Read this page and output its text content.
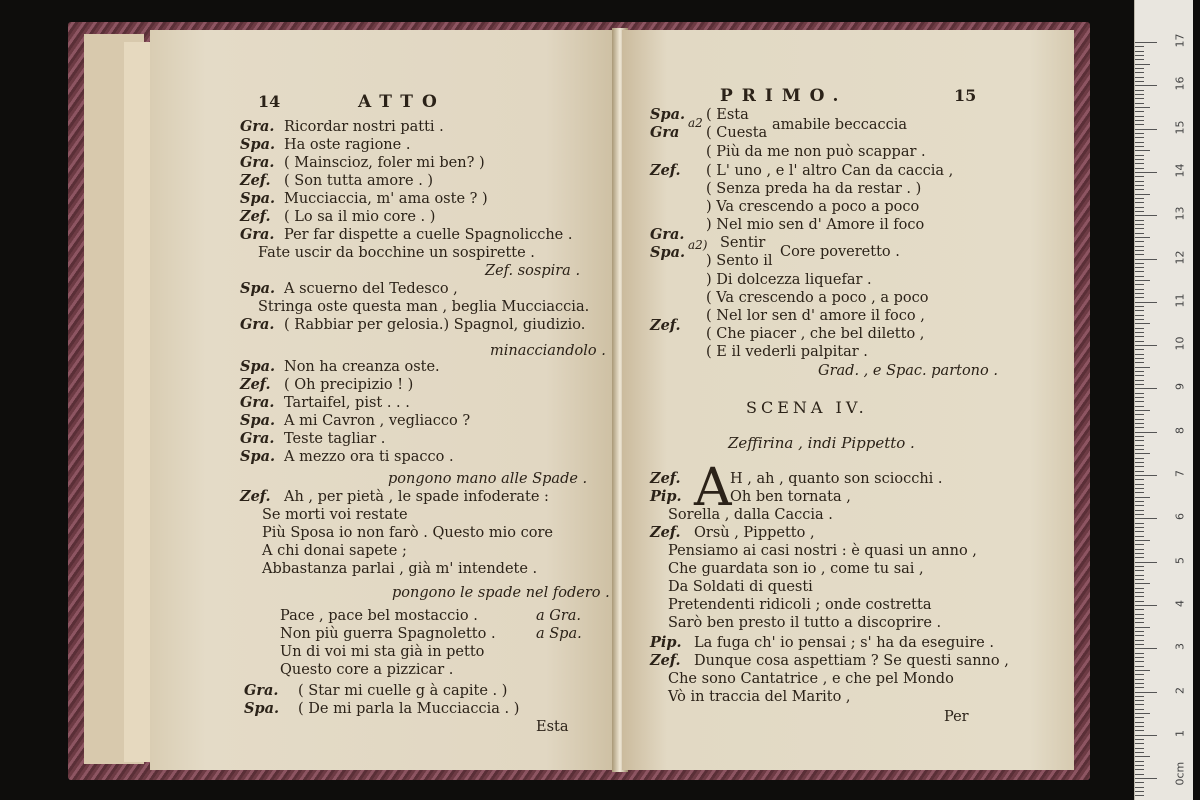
14	ATTO
Gra. Ricordar nostri patti .
Spa. Ha oste ragione .
Gra. ( Mainscioz, foler mi ben? )
Zef. ( Son tutta amore . )
Spa. Mucciaccia, m' ama oste ? )
Zef. ( Lo sa il mio core . )
Gra. Per far dispette a cuelle Spagnolicche .
Fate uscir da bocchine un sospirette .
Spa. A scuerno del Tedesco ,
Stringa oste questa man , beglia Mucciaccia.
Gra. ( Rabbiar per gelosia.) Spagnol, giudizio.
Spa. Non ha creanza oste.
Zef. ( Oh precipizio ! )
Gra. Tartaifel, pist . . .
Spa. A mi Cavron , vegliacco ?
Gra. Teste tagliar .
Spa. A mezzo ora ti spacco .
Zef. Ah , per pietà , le spade infoderate :
Se morti voi restate
Più Sposa io non farò . Questo mio core
A chi donai sapete ;
Abbastanza parlai , già m' intendete .
Zef. sospira .
minacciandolo .
pongono mano alle Spade .
pongono le spade nel fodero .
Pace , pace bel mostaccio .
Non più guerra Spagnoletto .
Un di voi mi sta già in petto
Questo core a pizzicar .
a Gra.
a Spa.
Gra. ( Star mi cuelle g à capite . )
Spa. ( De mi parla la Mucciaccia . )
Esta
PRIMO.	15
Spa.
Gra
a2 ( Esta
( Cuesta amabile beccaccia
( Più da me non può scappar .
Zef. ( L' uno , e l' altro Can da caccia ,
( Senza preda ha da restar . )
) Va crescendo a poco a poco
) Nel mio sen d' Amore il foco
Gra.
Spa. a2) Sentir
) Sento il
Core poveretto .
) Di dolcezza liquefar .
( Va crescendo a poco , a poco
Zef.
( Nel lor sen d' amore il foco ,
( Che piacer , che bel diletto ,
( E il vederli palpitar .
Grad. , e Spac. partono .
SCENA IV.
Zeffirina , indi Pippetto .
A
Zef.	H , ah , quanto son sciocchi .
Pip.	Oh ben tornata ,
Sorella , dalla Caccia .
Zef. Orsù , Pippetto ,
Pensiamo ai casi nostri : è quasi un anno ,
Che guardata son io , come tu sai ,
Da Soldati di questi
Pretendenti ridicoli ; onde costretta
Sarò ben presto il tutto a discoprire .
Pip. La fuga ch' io pensai ; s' ha da eseguire .
Zef. Dunque cosa aspettiam ? Se questi sanno ,
Che sono Cantatrice , e che pel Mondo
Vò in traccia del Marito ,
Per
17
16
15
14
13
12
11
10
9
8
7
6
5
4
3
2
1
0cm
